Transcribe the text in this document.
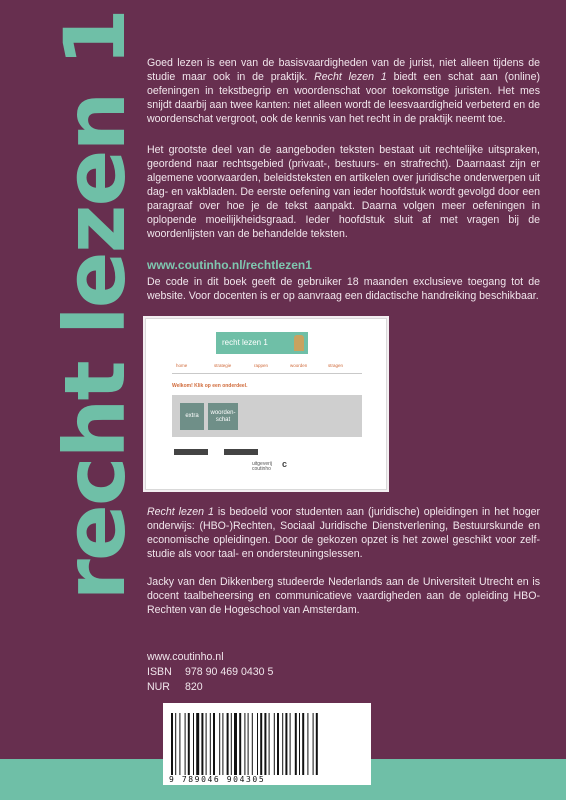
recht lezen 1 Goed lezen is een van de basisvaardigheden van de jurist, niet alleen tijdens de studie maar ook in de praktijk. Recht lezen 1 biedt een schat aan (online) oefeningen in tekstbegrip en woordenschat voor toekomstige juristen. Het mes snijdt daarbij aan twee kanten: niet alleen wordt de leesvaardigheid verbeterd en de woordenschat vergroot, ook de kennis van het recht in de praktijk neemt toe.

Het grootste deel van de aangeboden teksten bestaat uit rechtelijke uitspraken, geordend naar rechtsgebied (privaat-, bestuurs- en strafrecht). Daarnaast zijn er algemene voorwaarden, beleidsteksten en artikelen over juridische onderwerpen uit dag- en vakbladen. De eerste oefening van ieder hoofdstuk wordt gevolgd door een paragraaf over hoe je de tekst aanpakt. Daarna volgen meer oefeningen in oplopende moeilijkheidsgraad. Ieder hoofdstuk sluit af met vragen bij de woordenlijsten van de behandelde teksten.

www.coutinho.nl/rechtlezen1

De code in dit boek geeft de gebruiker 18 maanden exclusieve toegang tot de website. Voor docenten is er op aanvraag een didactische handreiking beschikbaar.

recht lezen 1
home	strategie	rappen	woorden	stragen
Welkom! Klik op een onderdeel.
extra
woorden-
schat
uitgeverij
coutinho c

Recht lezen 1 is bedoeld voor studenten aan (juridische) opleidingen in het hoger onderwijs: (HBO-)Rechten, Sociaal Juridische Dienstverlening, Bestuurskunde en economische opleidingen. Door de gekozen opzet is het zowel geschikt voor zelf-studie als voor taal- en ondersteuningslessen.

Jacky van den Dikkenberg studeerde Nederlands aan de Universiteit Utrecht en is docent taalbeheersing en communicatieve vaardigheden aan de opleiding HBO-Rechten van de Hogeschool van Amsterdam.

www.coutinho.nl
ISBN 978 90 469 0430 5
NUR 820
9 789046 904305
